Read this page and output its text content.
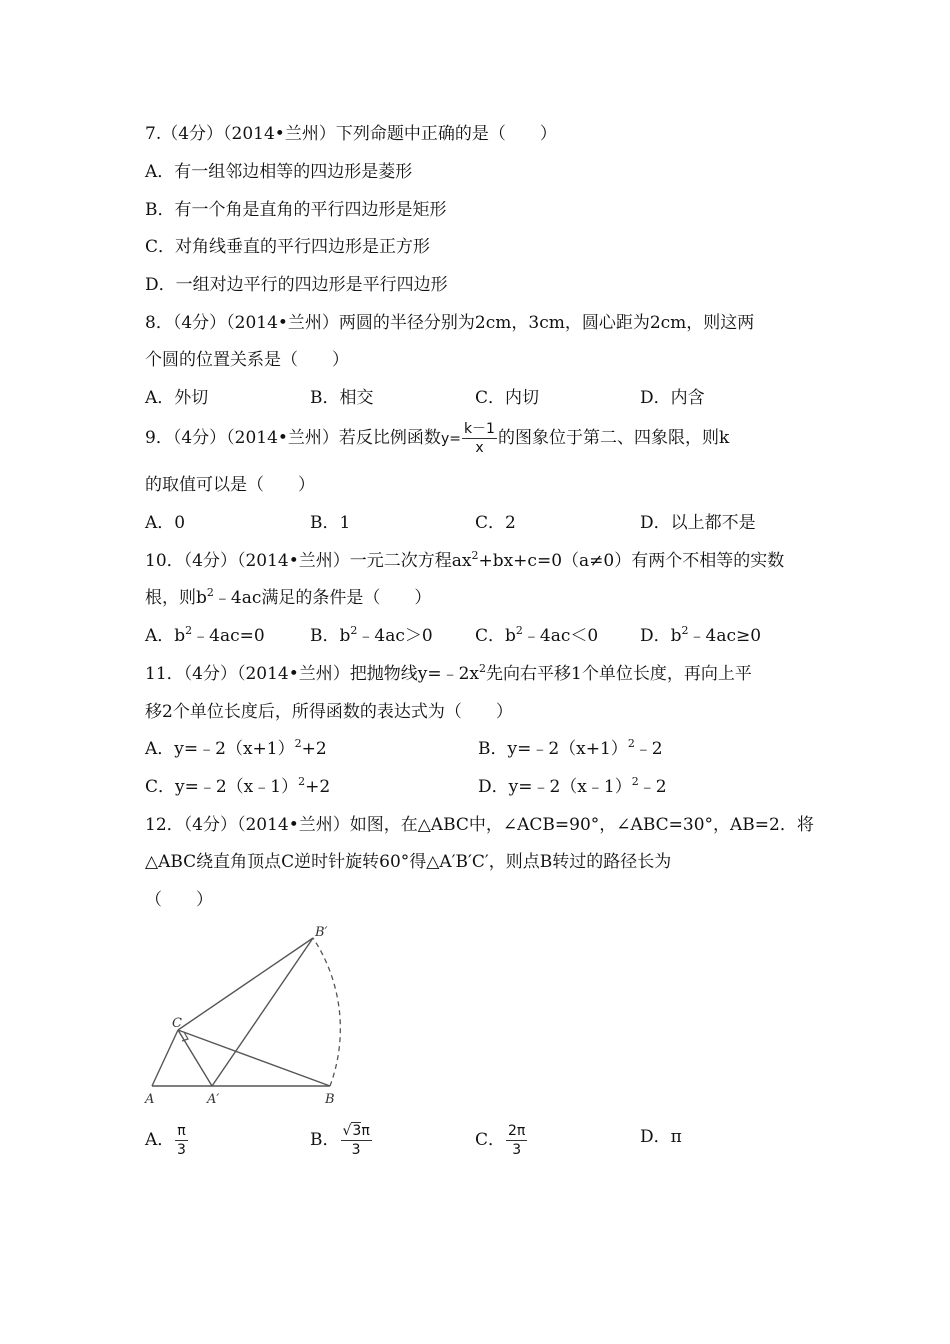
7.（4分）（2014•兰州）下列命题中正确的是（　　）
A．有一组邻边相等的四边形是菱形
B．有一个角是直角的平行四边形是矩形
C．对角线垂直的平行四边形是正方形
D．一组对边平行的四边形是平行四边形
8．（4分）（2014•兰州）两圆的半径分别为2cm，3cm，圆心距为2cm，则这两
个圆的位置关系是（　　）
A．外切	B．相交	C．内切	D．内含
9．（4分）（2014•兰州）若反比例函数$y= \frac{k-1}{x}$ 的图象位于第二、四象限，则k
的取值可以是（　　）
A．0	B．1	C．2	D．以上都不是
10．（4分）（2014•兰州）一元二次方程$ax^2+bx+c=0(a\ne 0)$有两个不相等的实数
根，则$b^2﹣4ac$满足的条件是（　　）
A．$b^2﹣4ac=0$	B．$b^2﹣4ac>0$ C．$b^2﹣4ac<0$ D．$b^2﹣4ac\ge 0$
11．（4分）（2014•兰州）把抛物线$y=﹣2x^2$先向右平移1个单位长度，再向上平
移2个单位长度后，所得函数的表达式为（　　）
A．$y=﹣2(x+1)^2+2$	B．$y=﹣2(x+1)^2﹣2$
C．y=﹣2（x﹣1）$^2$+2	D．y=﹣2（x﹣1）$^2$﹣2
12．（4分）（2014•兰州）如图，在△ABC中，∠ACB=90°，∠ABC=30°，AB=2．将
△ABC绕直角顶点C逆时针旋转60°得△A′B′C′，则点B转过的路径长为
（　　）
B′
C
A	A′	B
A． $\frac{\pi}{3}$	B． $\frac{√3\pi}{3}$	C． $\frac{2\pi}{3}$	D．π
